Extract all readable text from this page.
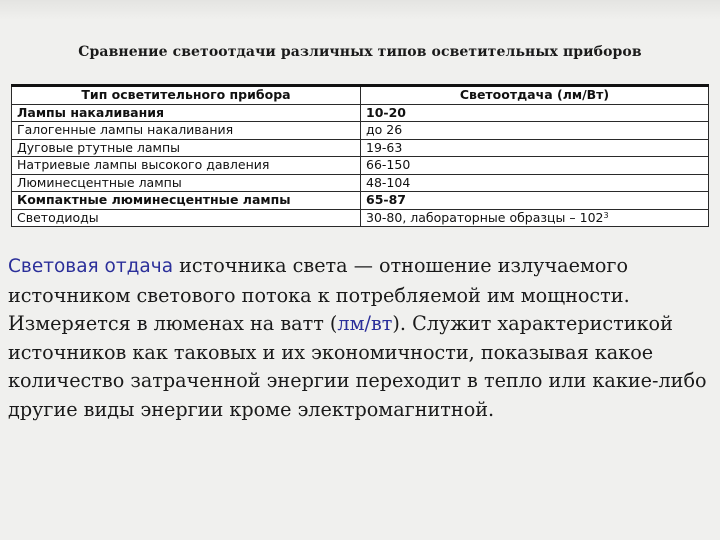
Сравнение светоотдачи различных типов осветительных приборов
Тип осветительного прибора	Светоотдача (лм/Вт)
Лампы накаливания	10-20
Галогенные лампы накаливания	до 26
Дуговые ртутные лампы	19-63
Натриевые лампы высокого давления	66-150
Люминесцентные лампы	48-104
Компактные люминесцентные лампы	65-87
Светодиоды	30-80, лабораторные образцы – $102^3$
Световая отдача источника света — отношение излучаемого источником светового потока к потребляемой им мощности. Измеряется в люменах на ватт (лм/вт). Служит характеристикой источников как таковых и их экономичности, показывая какое количество затраченной энергии переходит в тепло или какие-либо другие виды энергии кроме электромагнитной.
